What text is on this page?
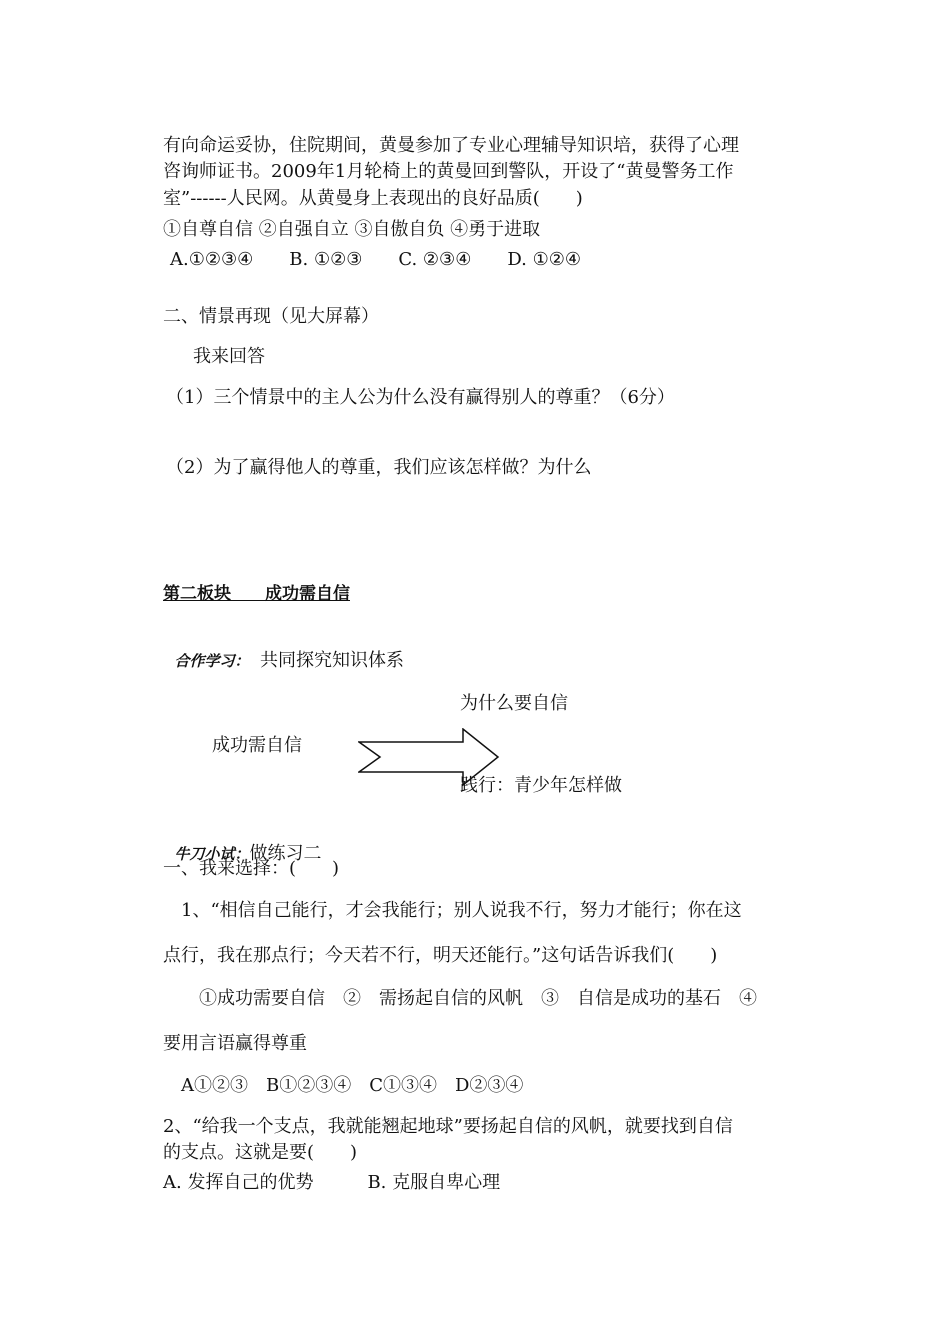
有向命运妥协，住院期间，黄曼参加了专业心理辅导知识培，获得了心理
咨询师证书。2009年1月轮椅上的黄曼回到警队，开设了“黄曼警务工作
室”------人民网。从黄曼身上表现出的良好品质(　　)
①自尊自信 ②自强自立 ③自傲自负 ④勇于进取
A.①②③④　　B. ①②③　　C. ②③④　　D. ①②④
二、情景再现（见大屏幕）
我来回答
（1）三个情景中的主人公为什么没有赢得别人的尊重？（6分）
（2）为了赢得他人的尊重，我们应该怎样做？为什么
第二板块　　成功需自信

合作学习：　共同探究知识体系

为什么要自信
成功需自信
践行：青少年怎样做

牛刀小试：做练习二

一、我来选择：(　　)
　1、“相信自己能行，才会我能行；别人说我不行，努力才能行；你在这
点行，我在那点行；今天若不行，明天还能行。”这句话告诉我们(　　)
　　①成功需要自信　②　需扬起自信的风帆　③　自信是成功的基石　④
要用言语赢得尊重
　A①②③　B①②③④　C①③④　D②③④
2、“给我一个支点，我就能翘起地球”要扬起自信的风帆，就要找到自信
的支点。这就是要(　　)
A. 发挥自己的优势　　　B. 克服自卑心理
